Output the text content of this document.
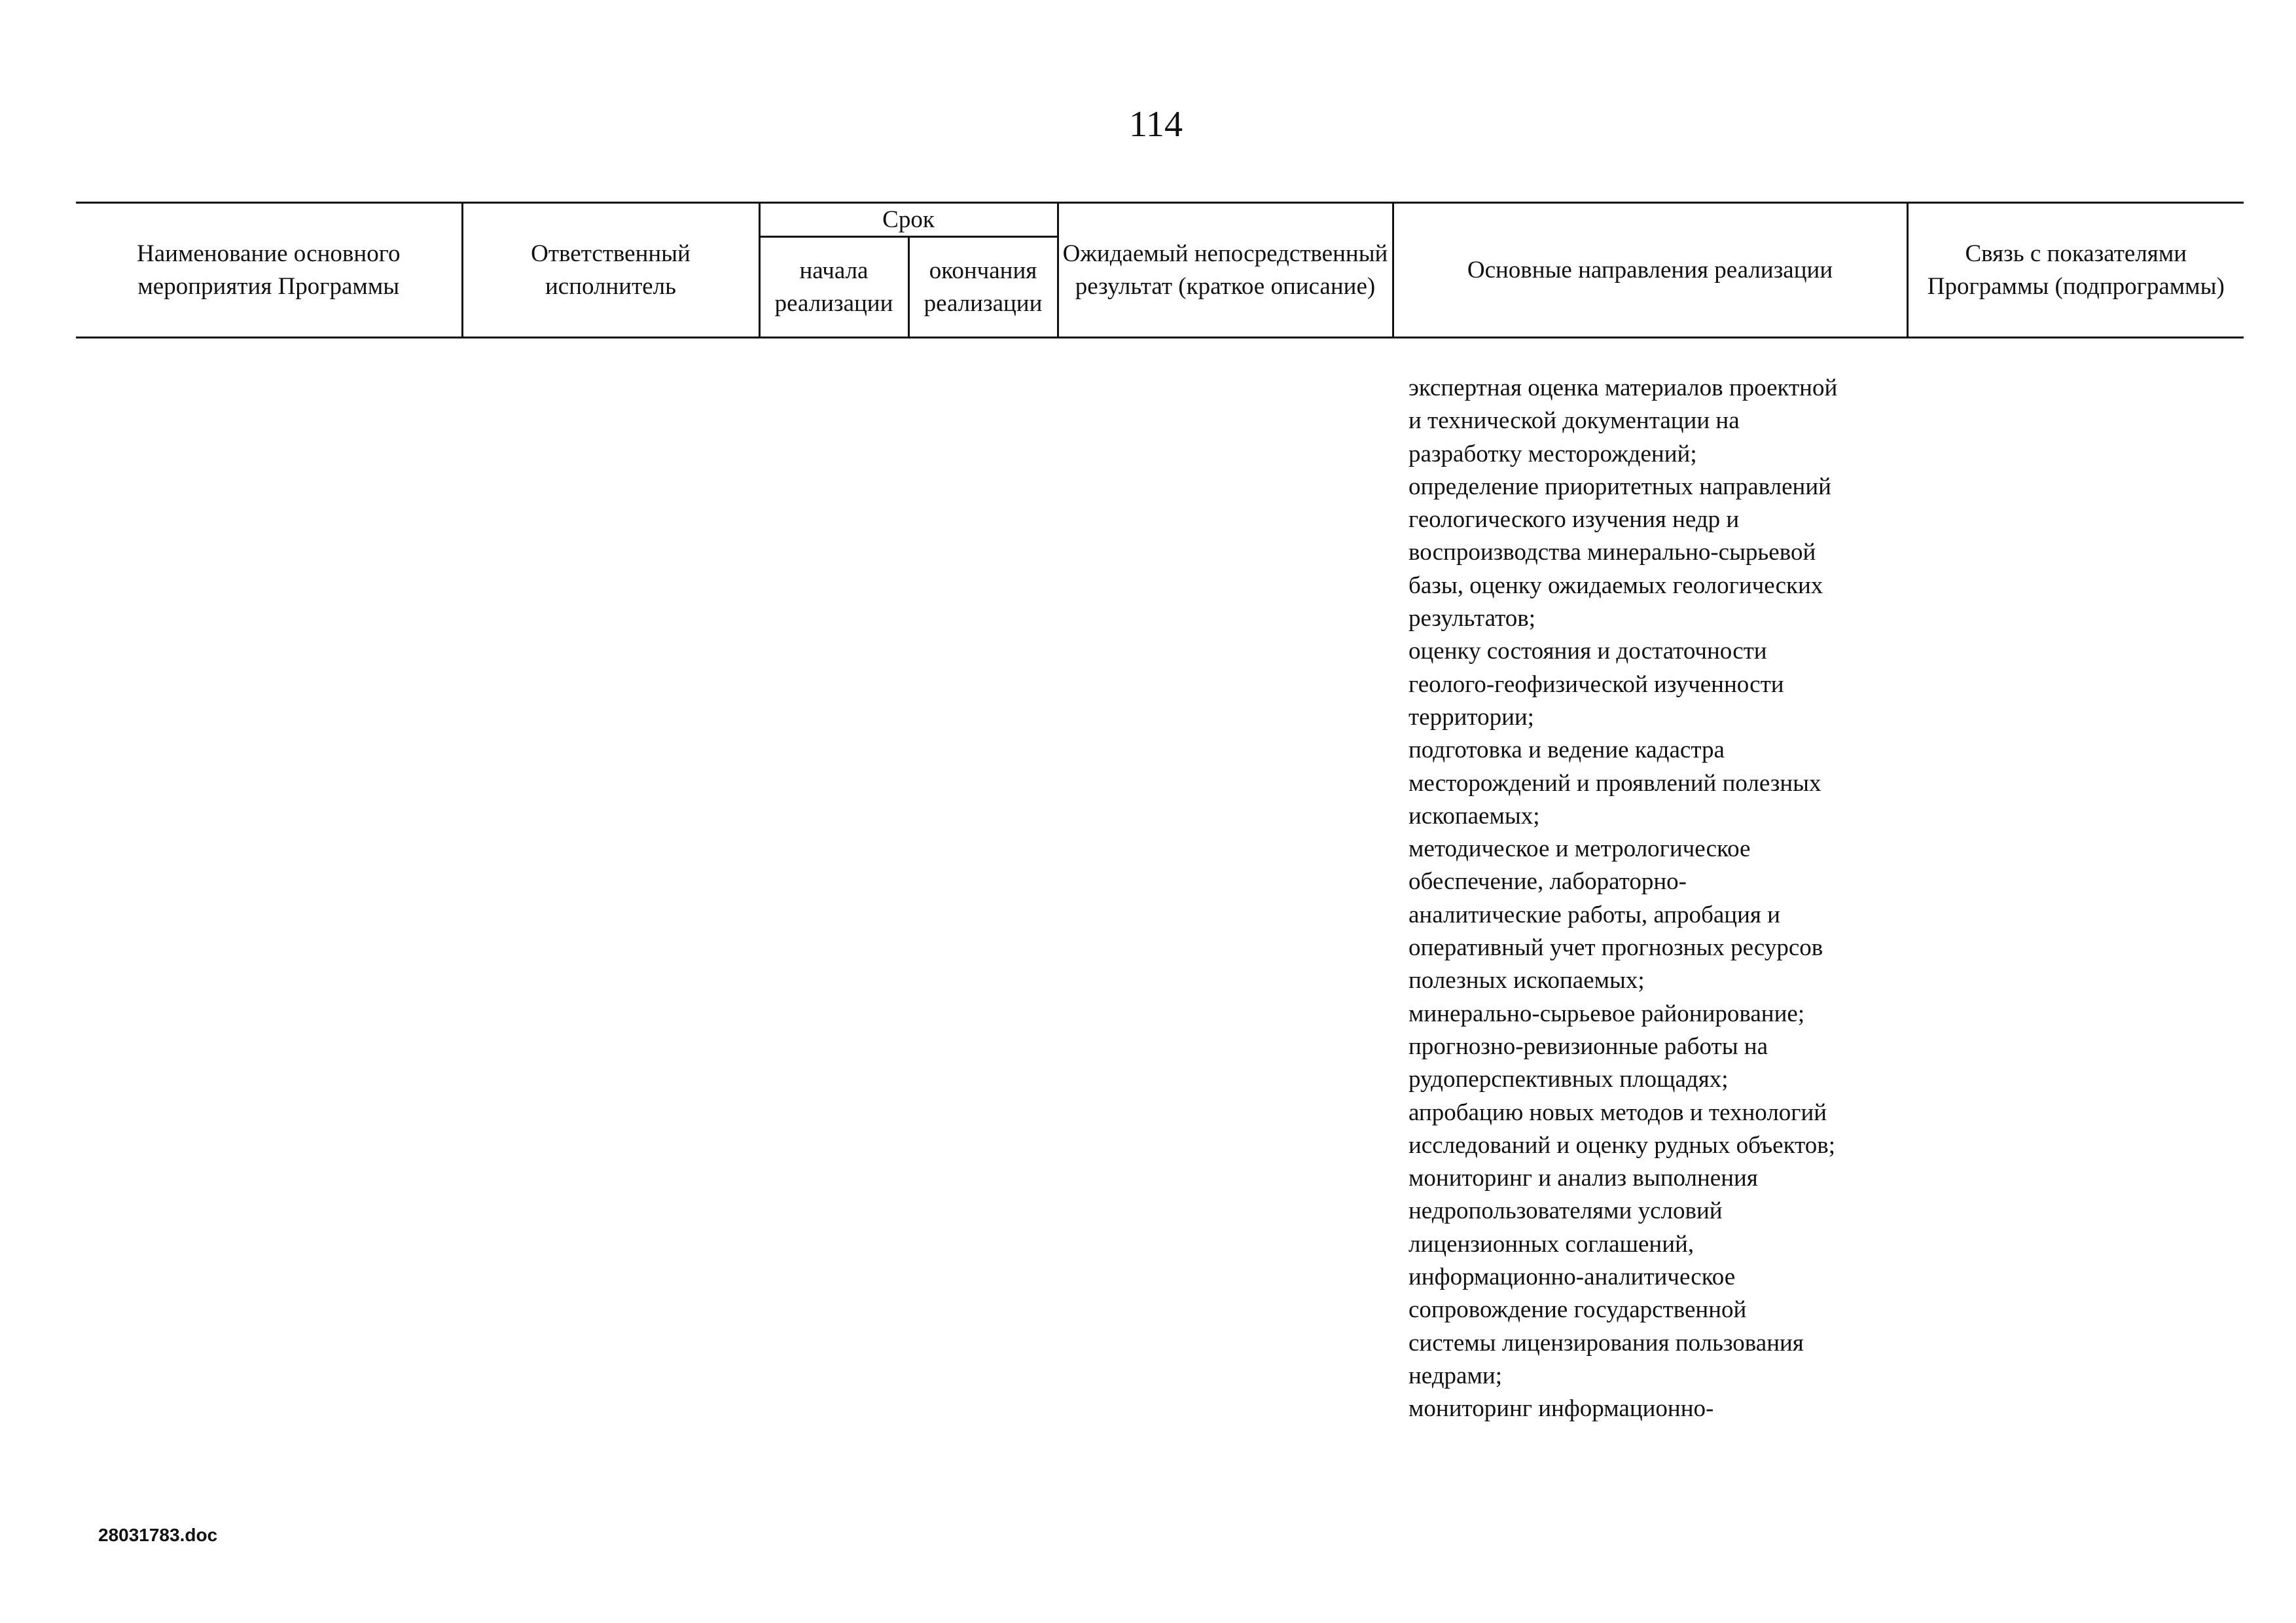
114
Наименование основного мероприятия Программы	Ответственный исполнитель	Срок		Ожидаемый непосредственный результат (краткое описание)	Основные направления реализации	Связь с показателями Программы (подпрограммы)
		начала реализации	окончания реализации			
экспертная оценка материалов проектной
и технической документации на
разработку месторождений;
определение приоритетных направлений
геологического изучения недр и
воспроизводства минерально-сырьевой
базы, оценку ожидаемых геологических
результатов;
оценку состояния и достаточности
геолого-геофизической изученности
территории;
подготовка и ведение кадастра
месторождений и проявлений полезных
ископаемых;
методическое и метрологическое
обеспечение, лабораторно-
аналитические работы, апробация и
оперативный учет прогнозных ресурсов
полезных ископаемых;
минерально-сырьевое районирование;
прогнозно-ревизионные работы на
рудоперспективных площадях;
апробацию новых методов и технологий
исследований и оценку рудных объектов;
мониторинг и анализ выполнения
недропользователями условий
лицензионных соглашений,
информационно-аналитическое
сопровождение государственной
системы лицензирования пользования
недрами;
мониторинг информационно-
28031783.doc
